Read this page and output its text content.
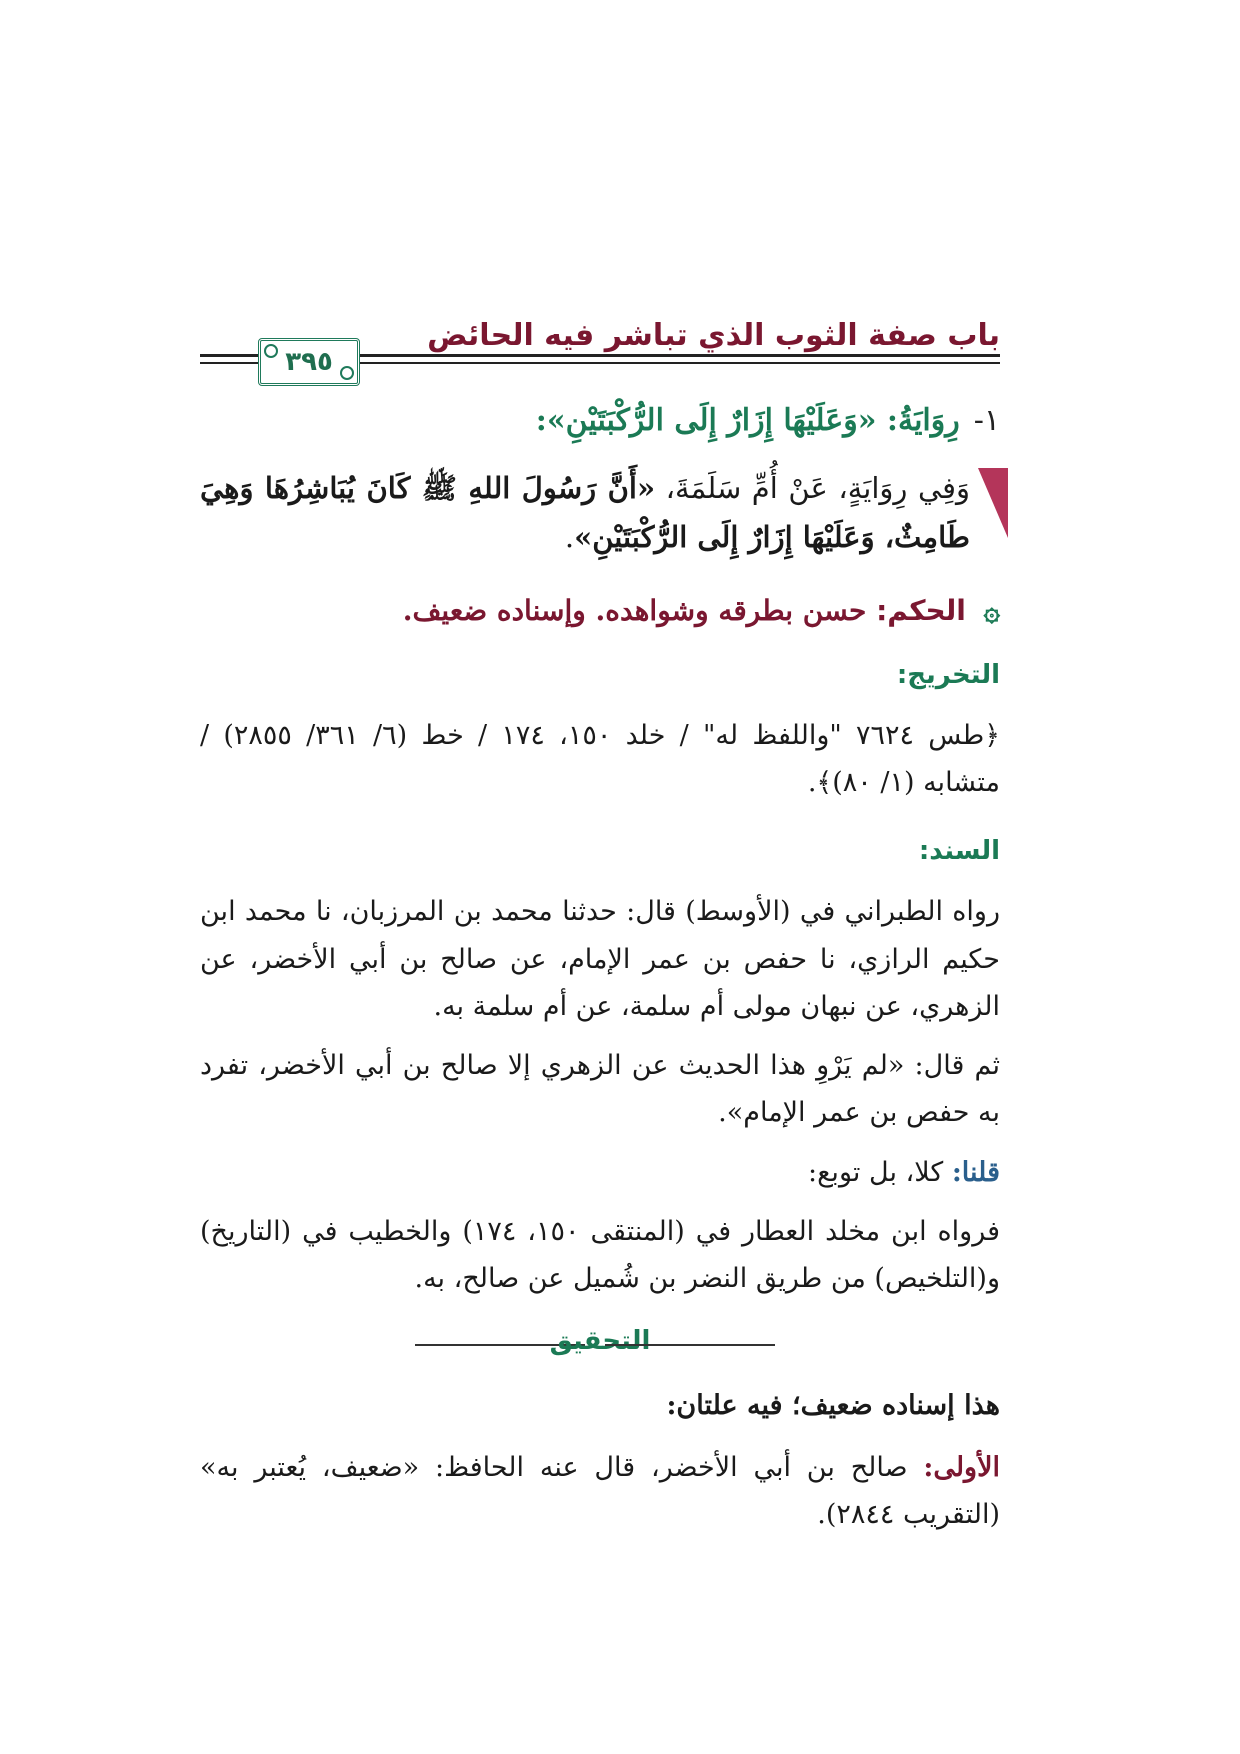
باب صفة الثوب الذي تباشر فيه الحائض
٣٩٥
١-رِوَايَةُ: «وَعَلَيْهَا إِزَارٌ إِلَى الرُّكْبَتَيْنِ»:
وَفِي رِوَايَةٍ، عَنْ أُمِّ سَلَمَةَ، «أَنَّ رَسُولَ اللهِ ﷺ كَانَ يُبَاشِرُهَا وَهِيَ طَامِثٌ، وَعَلَيْهَا إِزَارٌ إِلَى الرُّكْبَتَيْنِ».
۞ الحكم: حسن بطرقه وشواهده. وإسناده ضعيف.
التخريج:
﴿طس ٧٦٢٤ "واللفظ له" / خلد ١٥٠، ١٧٤ / خط (٦/ ٣٦١/ ٢٨٥٥) / متشابه (١/ ٨٠)﴾.
السند:
رواه الطبراني في (الأوسط) قال: حدثنا محمد بن المرزبان، نا محمد ابن حكيم الرازي، نا حفص بن عمر الإمام، عن صالح بن أبي الأخضر، عن الزهري، عن نبهان مولى أم سلمة، عن أم سلمة به.
ثم قال: «لم يَرْوِ هذا الحديث عن الزهري إلا صالح بن أبي الأخضر، تفرد به حفص بن عمر الإمام».
قلنا: كلا، بل توبع:
فرواه ابن مخلد العطار في (المنتقى ١٥٠، ١٧٤) والخطيب في (التاريخ) و(التلخيص) من طريق النضر بن شُميل عن صالح، به.
التحقيق
هذا إسناده ضعيف؛ فيه علتان:
الأولى: صالح بن أبي الأخضر، قال عنه الحافظ: «ضعيف، يُعتبر به» (التقريب ٢٨٤٤).
